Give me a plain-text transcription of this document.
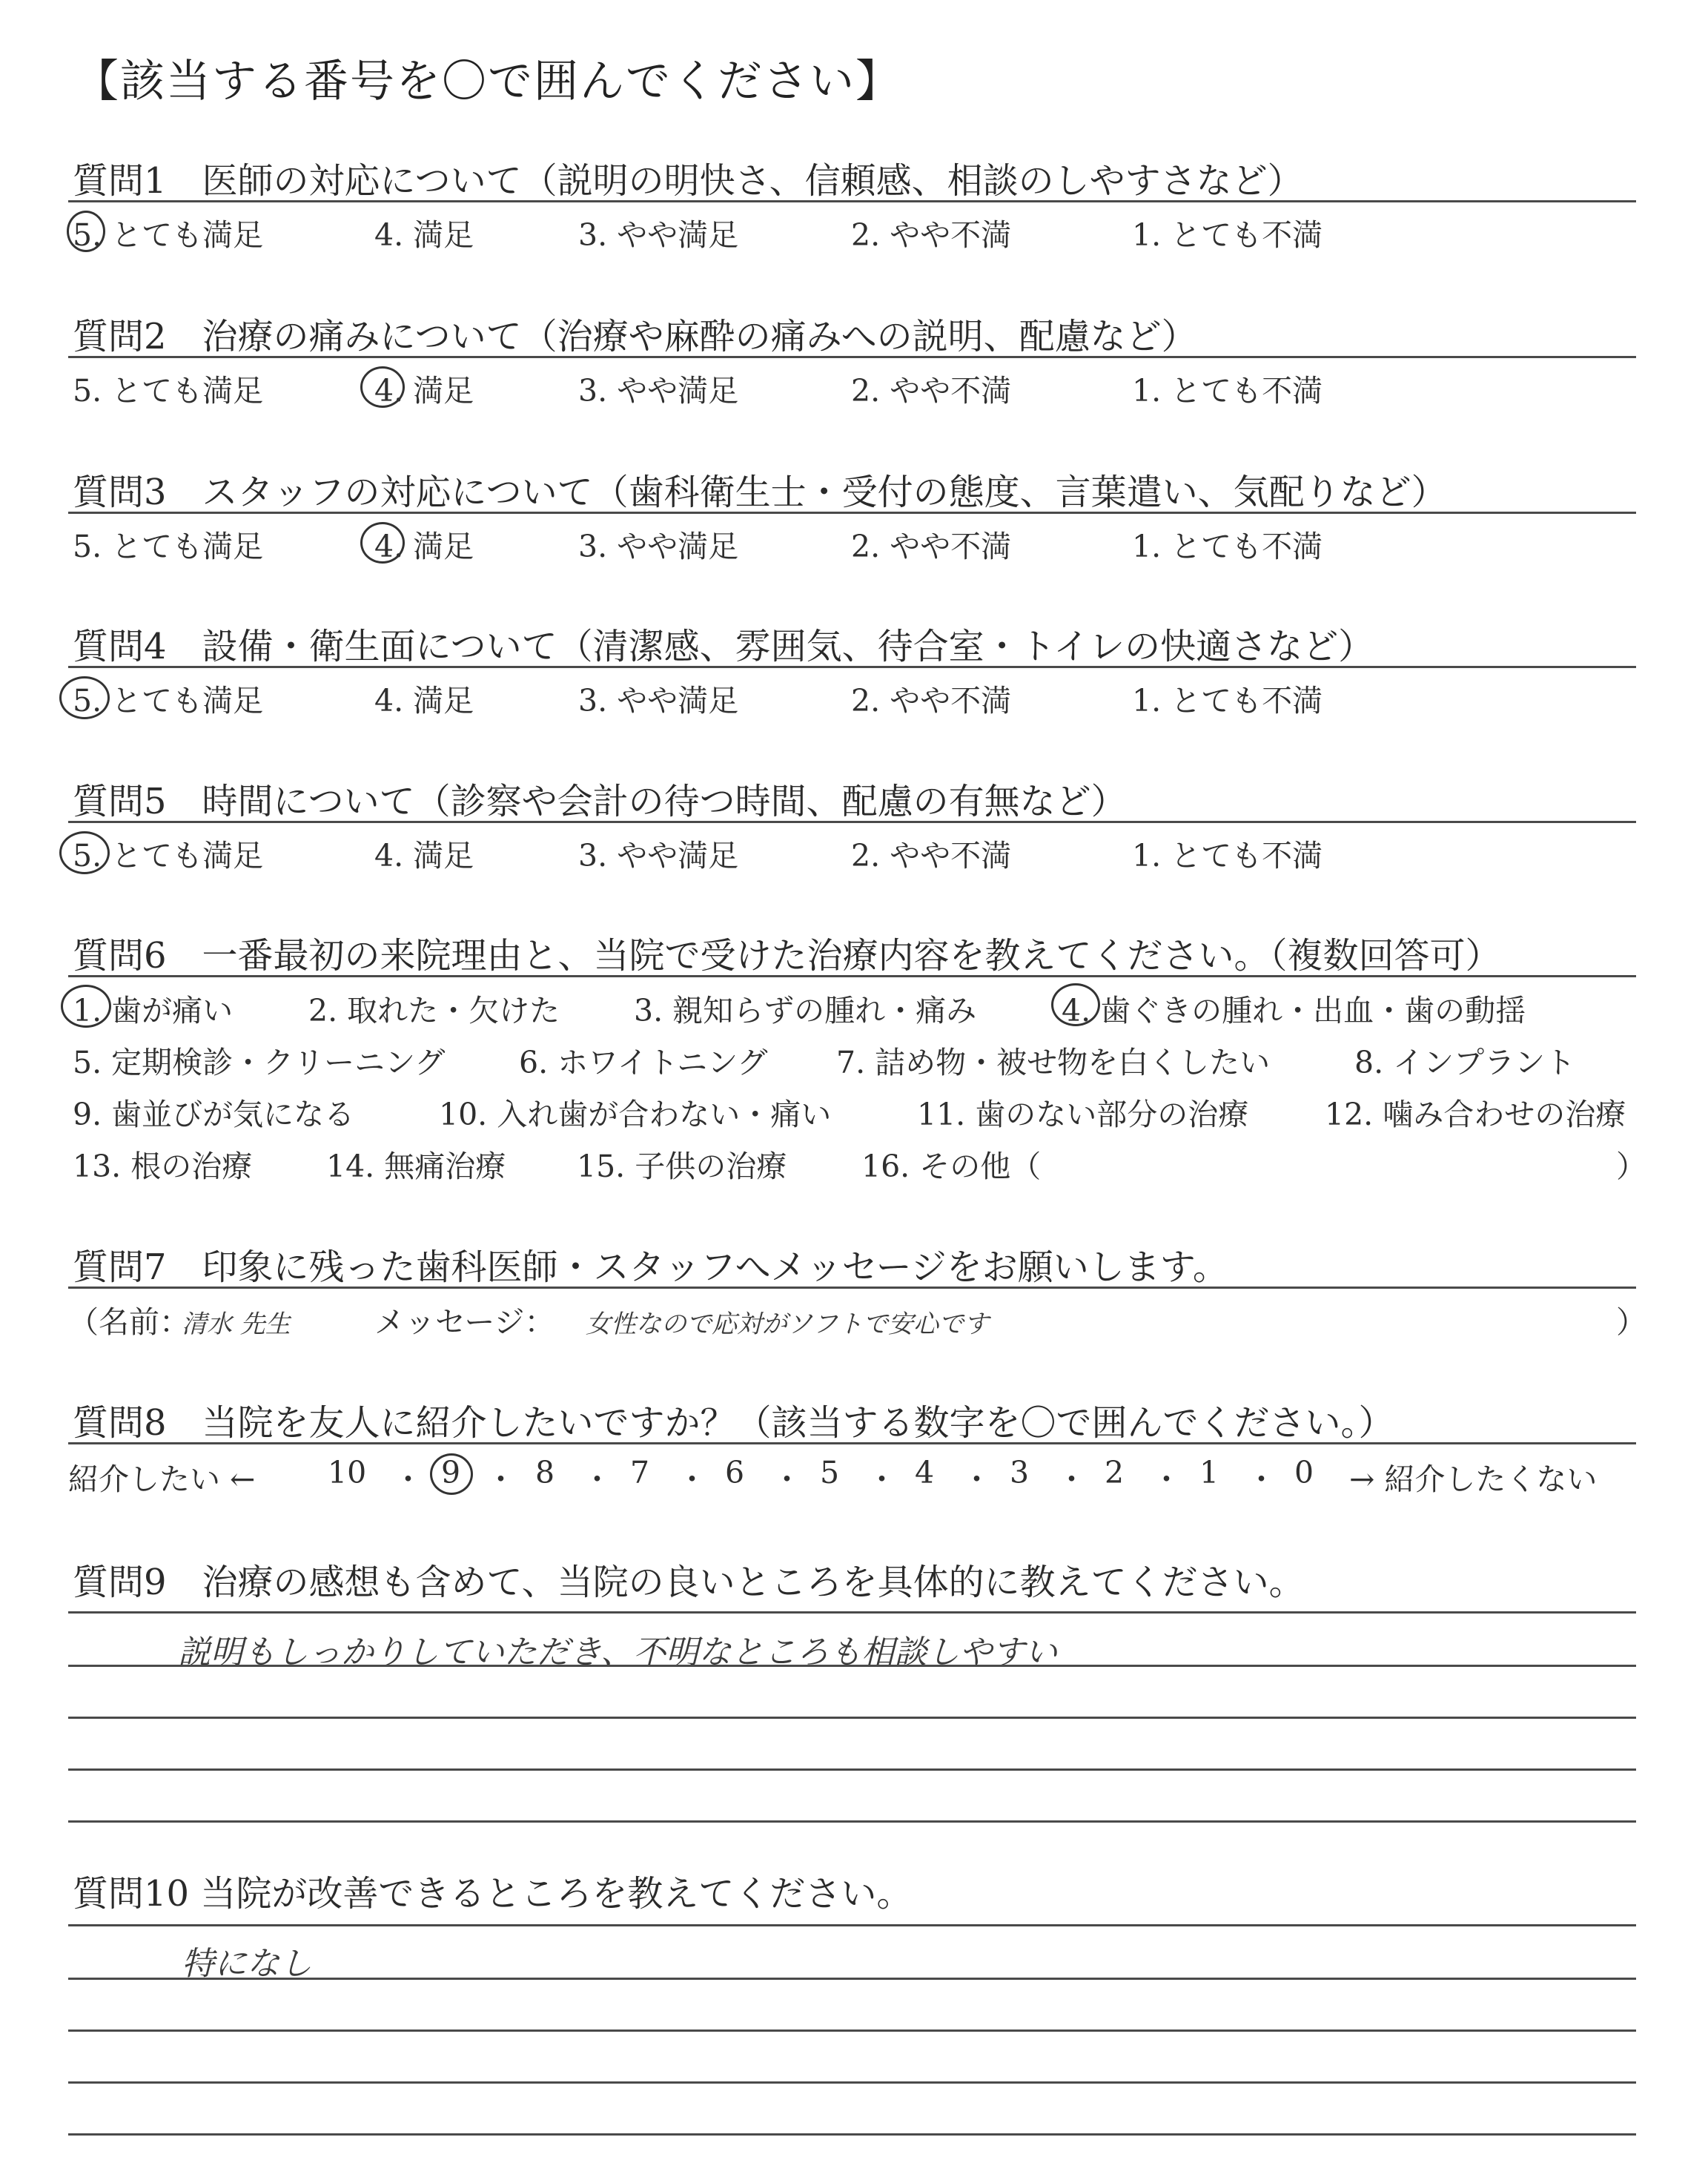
【該当する番号を〇で囲んでください】
質問1　医師の対応について（説明の明快さ、信頼感、相談のしやすさなど）
5. とても満足	4. 満足	3. やや満足	2. やや不満	1. とても不満
質問2　治療の痛みについて（治療や麻酔の痛みへの説明、配慮など）
5. とても満足	4. 満足	3. やや満足	2. やや不満	1. とても不満
質問3　スタッフの対応について（歯科衛生士・受付の態度、言葉遣い、気配りなど）
5. とても満足	4. 満足	3. やや満足	2. やや不満	1. とても不満
質問4　設備・衛生面について（清潔感、雰囲気、待合室・トイレの快適さなど）
5. とても満足	4. 満足	3. やや満足	2. やや不満	1. とても不満
質問5　時間について（診察や会計の待つ時間、配慮の有無など）
5. とても満足	4. 満足	3. やや満足	2. やや不満	1. とても不満
質問6　一番最初の来院理由と、当院で受けた治療内容を教えてください。（複数回答可）
1. 歯が痛い 2. 取れた・欠けた 3. 親知らずの腫れ・痛み	4. 歯ぐきの腫れ・出血・歯の動揺
5. 定期検診・クリーニング 6. ホワイトニング 7. 詰め物・被せ物を白くしたい	8. インプラント
9. 歯並びが気になる	10. 入れ歯が合わない・痛い	11. 歯のない部分の治療	12. 噛み合わせの治療
13. 根の治療 14. 無痛治療 15. 子供の治療 16. その他（	）
質問7　印象に残った歯科医師・スタッフへメッセージをお願いします。
（名前：
清水 先生	メッセージ： 女性なので応対がソフトで安心です	）
質問8　当院を友人に紹介したいですか？（該当する数字を〇で囲んでください。）
紹介したい ← 10 ・ 9 ・ 8 ・ 7 ・ 6 ・ 5 ・ 4 ・ 3 ・ 2 ・ 1 ・ 0 → 紹介したくない
質問9　治療の感想も含めて、当院の良いところを具体的に教えてください。
説明もしっかりしていただき、不明なところも相談しやすい
質問10 当院が改善できるところを教えてください。
特になし
